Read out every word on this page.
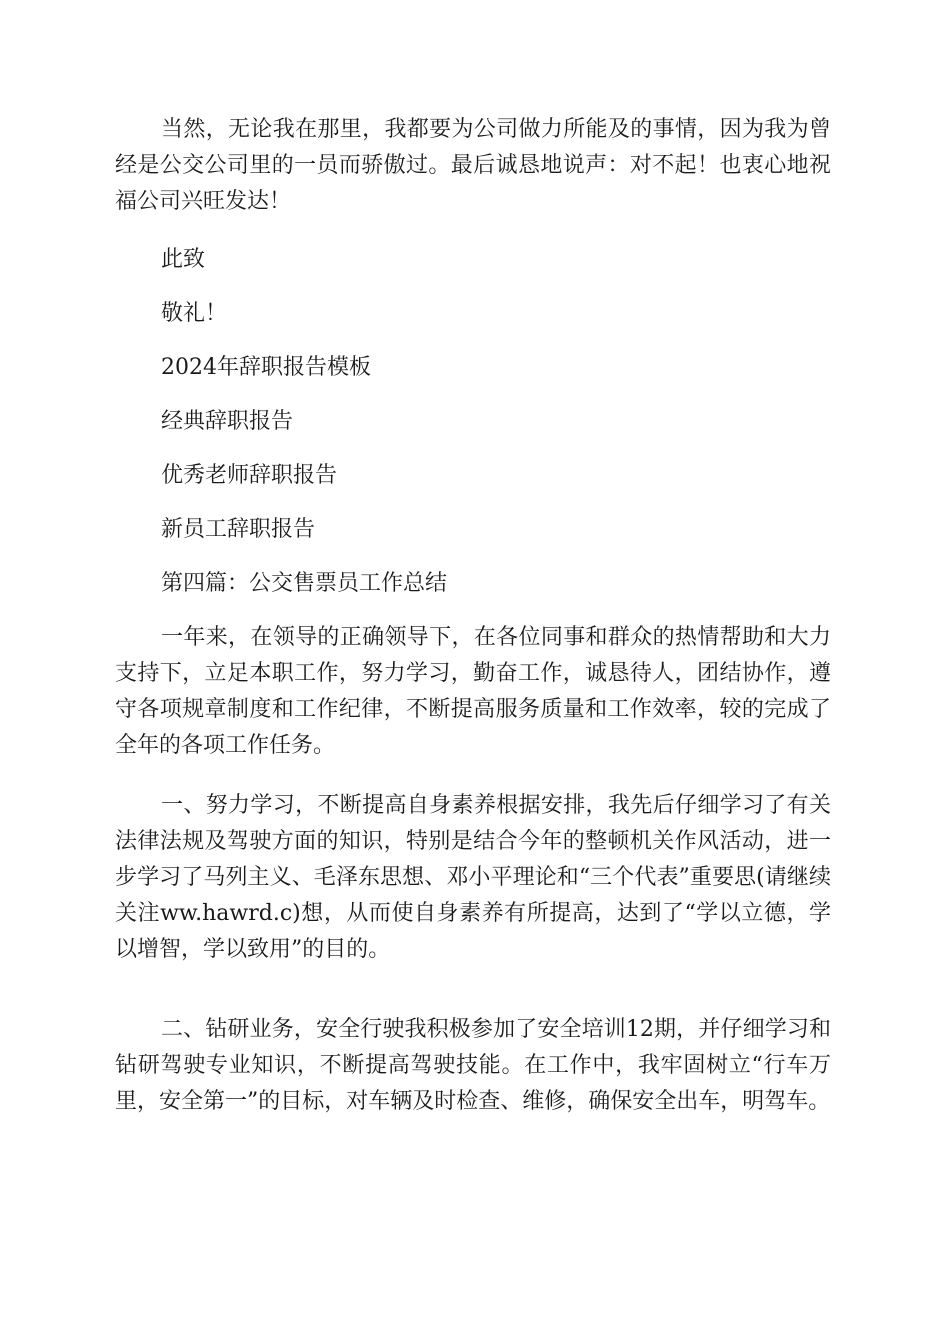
当然，无论我在那里，我都要为公司做力所能及的事情，因为我为曾经是公交公司里的一员而骄傲过。最后诚恳地说声：对不起！也衷心地祝福公司兴旺发达！

此致

敬礼！

2024年辞职报告模板

经典辞职报告

优秀老师辞职报告

新员工辞职报告

第四篇：公交售票员工作总结

一年来，在领导的正确领导下，在各位同事和群众的热情帮助和大力支持下，立足本职工作，努力学习，勤奋工作，诚恳待人，团结协作，遵守各项规章制度和工作纪律，不断提高服务质量和工作效率，较的完成了全年的各项工作任务。

一、努力学习，不断提高自身素养根据安排，我先后仔细学习了有关法律法规及驾驶方面的知识，特别是结合今年的整顿机关作风活动，进一步学习了马列主义、毛泽东思想、邓小平理论和“三个代表”重要思(请继续关注ww.hawrd.c)想，从而使自身素养有所提高，达到了“学以立德，学以增智，学以致用”的目的。

二、钻研业务，安全行驶我积极参加了安全培训12期，并仔细学习和钻研驾驶专业知识，不断提高驾驶技能。在工作中，我牢固树立“行车万里，安全第一”的目标，对车辆及时检查、维修，确保安全出车，明驾车。
